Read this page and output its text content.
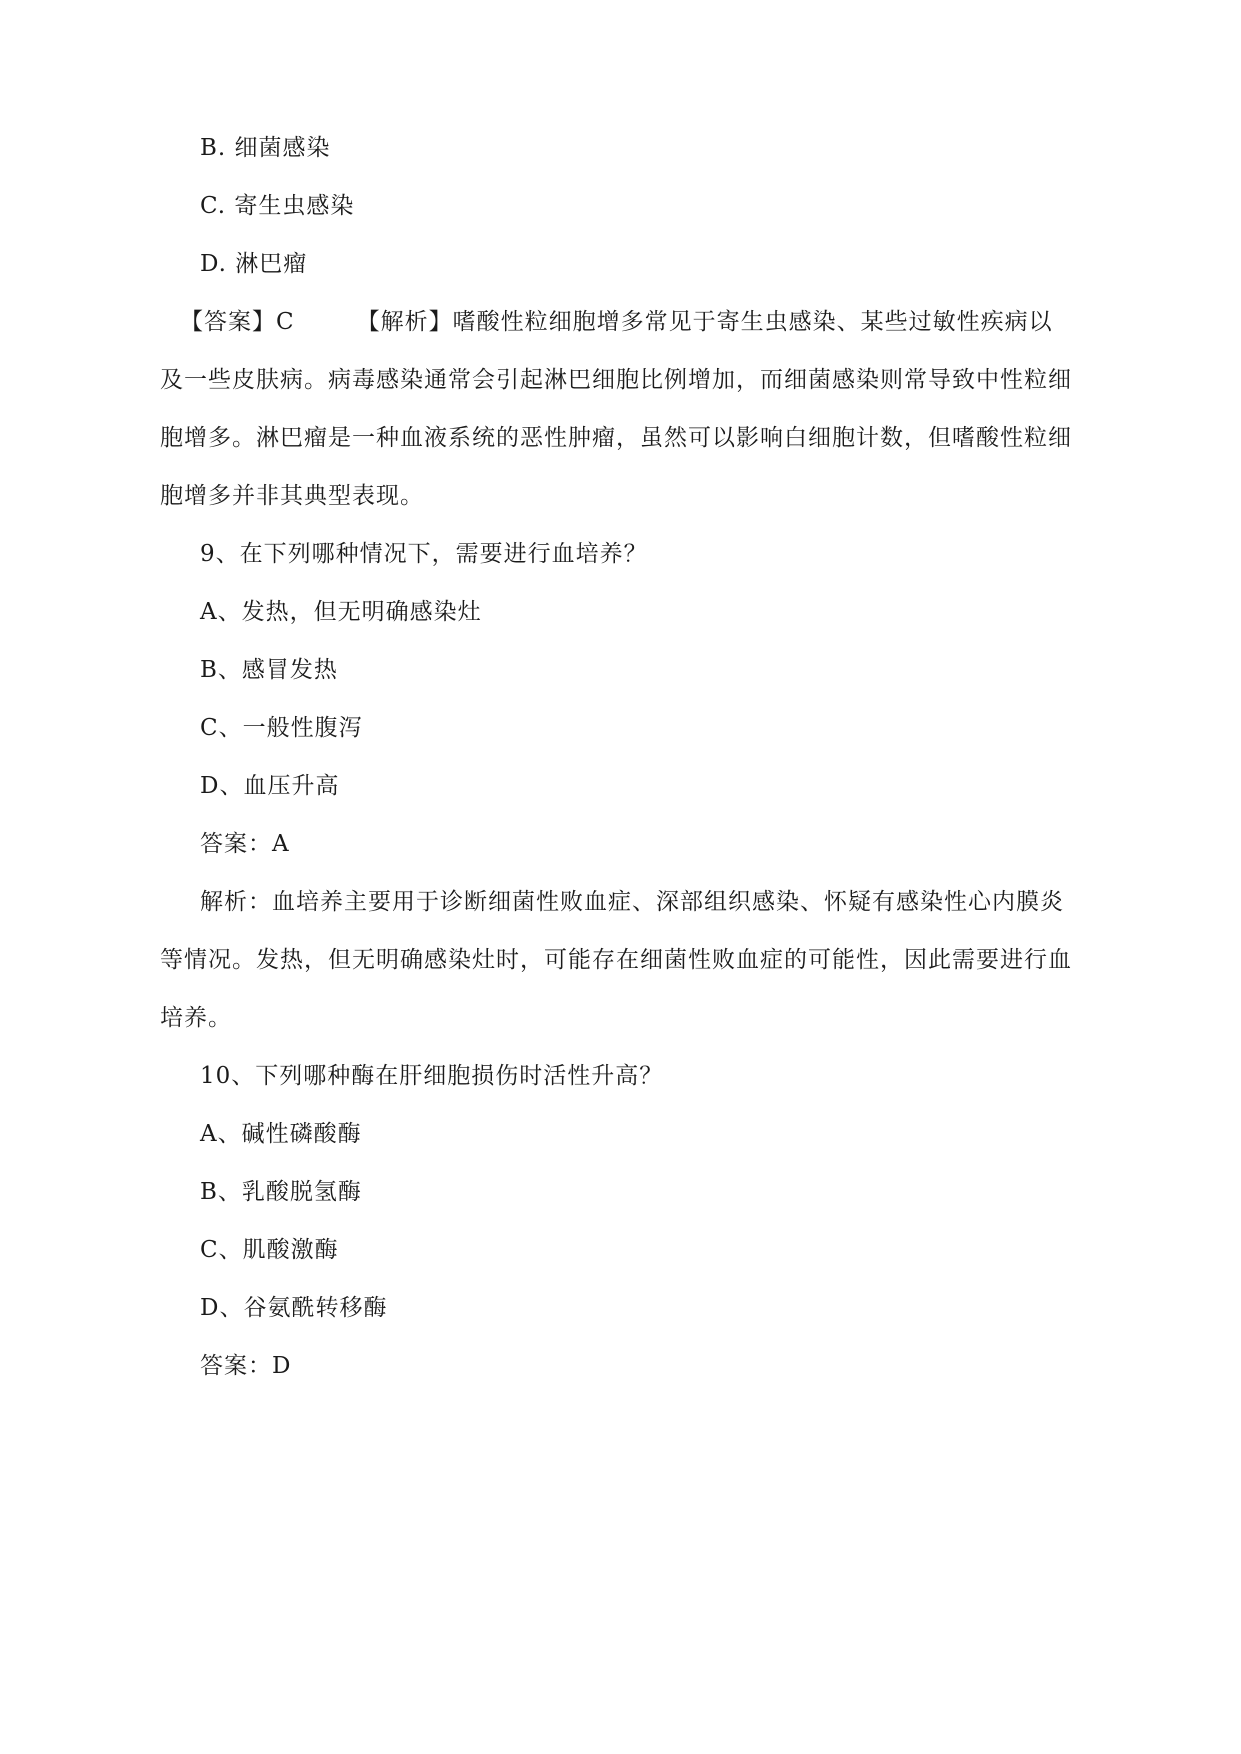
B. 细菌感染
C. 寄生虫感染
D. 淋巴瘤
【答案】C	【解析】嗜酸性粒细胞增多常见于寄生虫感染、某些过敏性疾病以
及一些皮肤病。病毒感染通常会引起淋巴细胞比例增加，而细菌感染则常导致中性粒细
胞增多。淋巴瘤是一种血液系统的恶性肿瘤，虽然可以影响白细胞计数，但嗜酸性粒细
胞增多并非其典型表现。
9、在下列哪种情况下，需要进行血培养？
A、发热，但无明确感染灶
B、感冒发热
C、一般性腹泻
D、血压升高
答案：A
解析：血培养主要用于诊断细菌性败血症、深部组织感染、怀疑有感染性心内膜炎
等情况。发热，但无明确感染灶时，可能存在细菌性败血症的可能性，因此需要进行血
培养。
10、下列哪种酶在肝细胞损伤时活性升高？
A、碱性磷酸酶
B、乳酸脱氢酶
C、肌酸激酶
D、谷氨酰转移酶
答案：D
